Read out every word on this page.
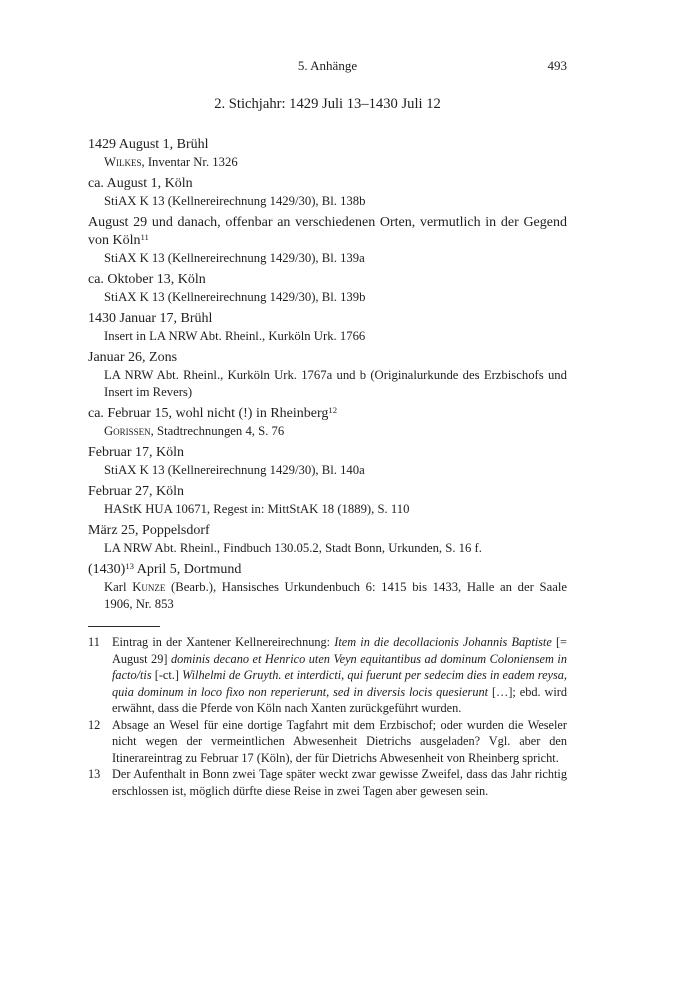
5. Anhänge	493
2. Stichjahr: 1429 Juli 13–1430 Juli 12
1429 August 1, Brühl
Wilkes, Inventar Nr. 1326
ca. August 1, Köln
StiAX K 13 (Kellnereirechnung 1429/30), Bl. 138b
August 29 und danach, offenbar an verschiedenen Orten, vermutlich in der Gegend von Köln$^{11}$
StiAX K 13 (Kellnereirechnung 1429/30), Bl. 139a
ca. Oktober 13, Köln
StiAX K 13 (Kellnereirechnung 1429/30), Bl. 139b
1430 Januar 17, Brühl
Insert in LA NRW Abt. Rheinl., Kurköln Urk. 1766
Januar 26, Zons
LA NRW Abt. Rheinl., Kurköln Urk. 1767a und b (Originalurkunde des Erzbischofs und Insert im Revers)
ca. Februar 15, wohl nicht (!) in Rheinberg$^{12}$
Gorissen, Stadtrechnungen 4, S. 76
Februar 17, Köln
StiAX K 13 (Kellnereirechnung 1429/30), Bl. 140a
Februar 27, Köln
HAStK HUA 10671, Regest in: MittStAK 18 (1889), S. 110
März 25, Poppelsdorf
LA NRW Abt. Rheinl., Findbuch 130.05.2, Stadt Bonn, Urkunden, S. 16 f.
$(1430)^{13}$ April 5, Dortmund
Karl Kunze (Bearb.), Hansisches Urkundenbuch 6: 1415 bis 1433, Halle an der Saale 1906, Nr. 853
11 Eintrag in der Xantener Kellnereirechnung: Item in die decollacionis Johannis Baptiste [= August 29] dominis decano et Henrico uten Veyn equitantibus ad dominum Coloniensem in facto/tis [-ct.] Wilhelmi de Gruyth. et interdicti, qui fuerunt per sedecim dies in eadem reysa, quia dominum in loco fixo non reperierunt, sed in diversis locis quesierunt […]; ebd. wird erwähnt, dass die Pferde von Köln nach Xanten zurückgeführt wurden.
12 Absage an Wesel für eine dortige Tagfahrt mit dem Erzbischof; oder wurden die Weseler nicht wegen der vermeintlichen Abwesenheit Dietrichs ausgeladen? Vgl. aber den Itinerareintrag zu Februar 17 (Köln), der für Dietrichs Abwesenheit von Rheinberg spricht.
13 Der Aufenthalt in Bonn zwei Tage später weckt zwar gewisse Zweifel, dass das Jahr richtig erschlossen ist, möglich dürfte diese Reise in zwei Tagen aber gewesen sein.
